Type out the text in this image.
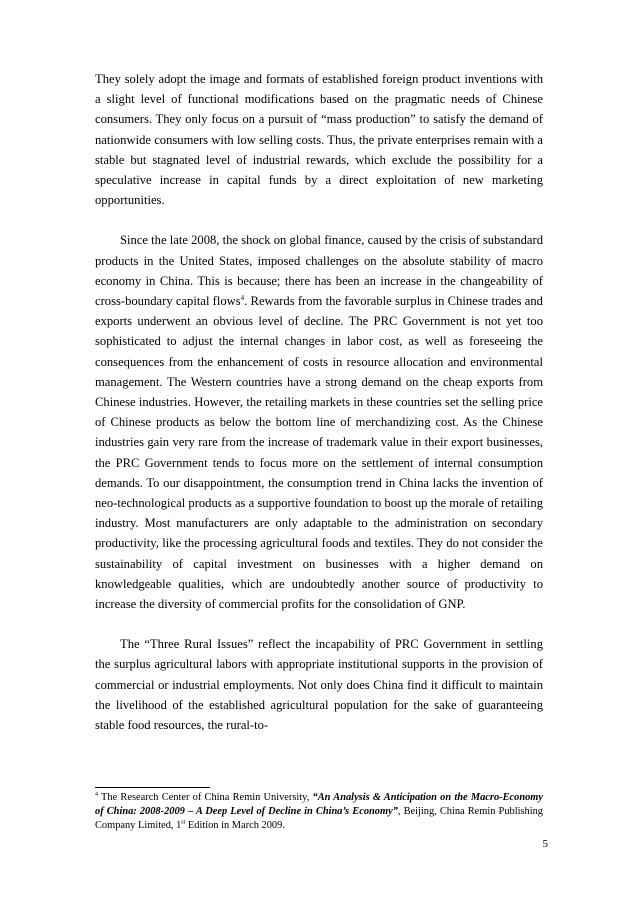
They solely adopt the image and formats of established foreign product inventions with a slight level of functional modifications based on the pragmatic needs of Chinese consumers. They only focus on a pursuit of “mass production” to satisfy the demand of nationwide consumers with low selling costs. Thus, the private enterprises remain with a stable but stagnated level of industrial rewards, which exclude the possibility for a speculative increase in capital funds by a direct exploitation of new marketing opportunities.

Since the late 2008, the shock on global finance, caused by the crisis of substandard products in the United States, imposed challenges on the absolute stability of macro economy in China. This is because; there has been an increase in the changeability of cross-boundary capital flows$^4$. Rewards from the favorable surplus in Chinese trades and exports underwent an obvious level of decline. The PRC Government is not yet too sophisticated to adjust the internal changes in labor cost, as well as foreseeing the consequences from the enhancement of costs in resource allocation and environmental management. The Western countries have a strong demand on the cheap exports from Chinese industries. However, the retailing markets in these countries set the selling price of Chinese products as below the bottom line of merchandizing cost. As the Chinese industries gain very rare from the increase of trademark value in their export businesses, the PRC Government tends to focus more on the settlement of internal consumption demands. To our disappointment, the consumption trend in China lacks the invention of neo-technological products as a supportive foundation to boost up the morale of retailing industry. Most manufacturers are only adaptable to the administration on secondary productivity, like the processing agricultural foods and textiles. They do not consider the sustainability of capital investment on businesses with a higher demand on knowledgeable qualities, which are undoubtedly another source of productivity to increase the diversity of commercial profits for the consolidation of GNP.

The “Three Rural Issues” reflect the incapability of PRC Government in settling the surplus agricultural labors with appropriate institutional supports in the provision of commercial or industrial employments. Not only does China find it difficult to maintain the livelihood of the established agricultural population for the sake of guaranteeing stable food resources, the rural-to-

$^4$ The Research Center of China Remin University, “An Analysis & Anticipation on the Macro-Economy of China: 2008-2009 – A Deep Level of Decline in China’s Economy”, Beijing, China Remin Publishing Company Limited, 1st Edition in March 2009.
5
